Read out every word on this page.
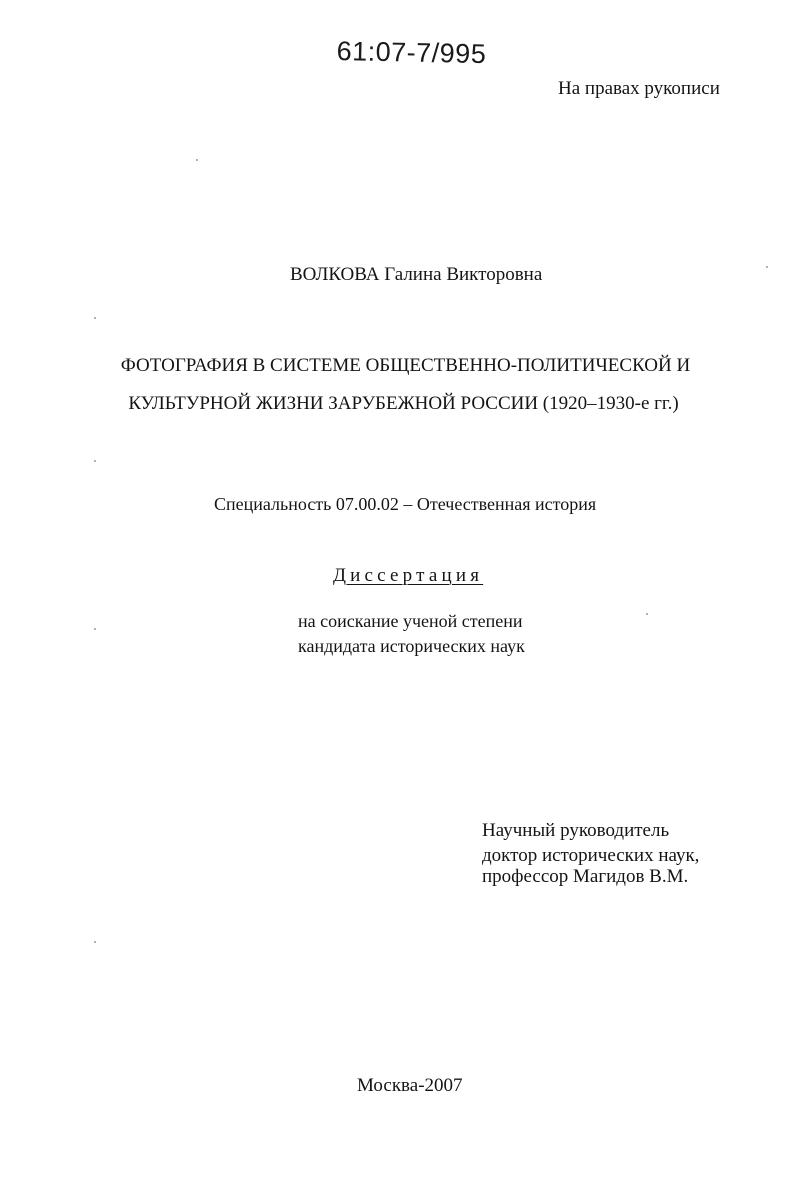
61:07-7/995
На правах рукописи
ВОЛКОВА Галина Викторовна
ФОТОГРАФИЯ В СИСТЕМЕ ОБЩЕСТВЕННО-ПОЛИТИЧЕСКОЙ И
КУЛЬТУРНОЙ ЖИЗНИ ЗАРУБЕЖНОЙ РОССИИ (1920–1930-е гг.)
Специальность 07.00.02 – Отечественная история
Диссертация
на соискание ученой степени
кандидата исторических наук
Научный руководитель
доктор исторических наук,
профессор Магидов В.М.
Москва-2007
